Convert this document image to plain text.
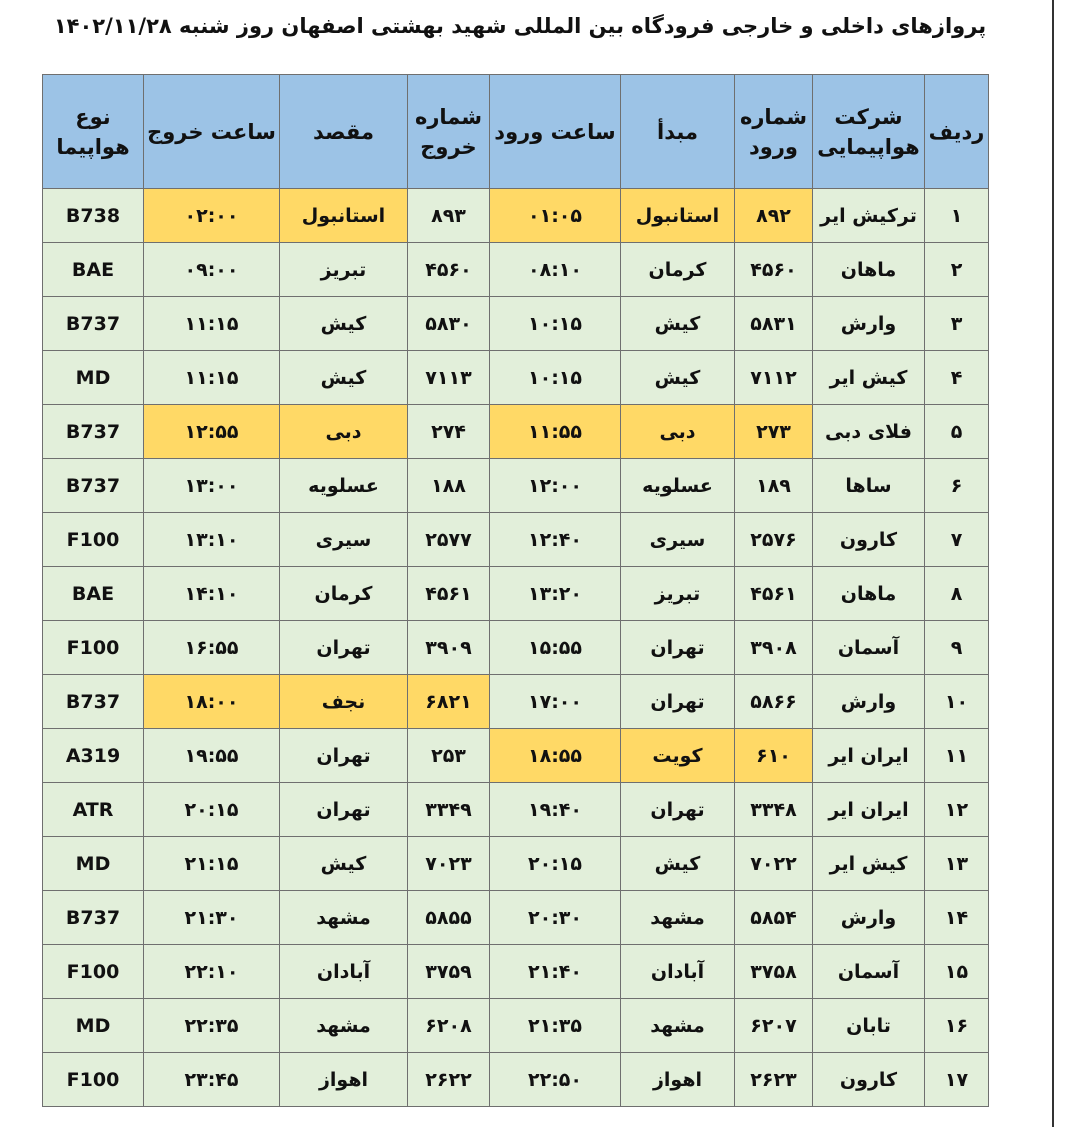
پروازهای داخلی و خارجی فرودگاه بین المللی شهید بهشتی اصفهان روز شنبه ۱۴۰۲/۱۱/۲۸
ردیف	شرکت هواپیمایی	شماره ورود	مبدأ	ساعت ورود	شماره خروج	مقصد	ساعت خروج	نوع هواپیما
۱	ترکیش ایر	۸۹۲	استانبول	۰۱:۰۵	۸۹۳	استانبول	۰۲:۰۰	B738
۲	ماهان	۴۵۶۰	کرمان	۰۸:۱۰	۴۵۶۰	تبریز	۰۹:۰۰	BAE
۳	وارش	۵۸۳۱	کیش	۱۰:۱۵	۵۸۳۰	کیش	۱۱:۱۵	B737
۴	کیش ایر	۷۱۱۲	کیش	۱۰:۱۵	۷۱۱۳	کیش	۱۱:۱۵	MD
۵	فلای دبی	۲۷۳	دبی	۱۱:۵۵	۲۷۴	دبی	۱۲:۵۵	B737
۶	ساها	۱۸۹	عسلویه	۱۲:۰۰	۱۸۸	عسلویه	۱۳:۰۰	B737
۷	کارون	۲۵۷۶	سیری	۱۲:۴۰	۲۵۷۷	سیری	۱۳:۱۰	F100
۸	ماهان	۴۵۶۱	تبریز	۱۳:۲۰	۴۵۶۱	کرمان	۱۴:۱۰	BAE
۹	آسمان	۳۹۰۸	تهران	۱۵:۵۵	۳۹۰۹	تهران	۱۶:۵۵	F100
۱۰	وارش	۵۸۶۶	تهران	۱۷:۰۰	۶۸۲۱	نجف	۱۸:۰۰	B737
۱۱	ایران ایر	۶۱۰	کویت	۱۸:۵۵	۲۵۳	تهران	۱۹:۵۵	A319
۱۲	ایران ایر	۳۳۴۸	تهران	۱۹:۴۰	۳۳۴۹	تهران	۲۰:۱۵	ATR
۱۳	کیش ایر	۷۰۲۲	کیش	۲۰:۱۵	۷۰۲۳	کیش	۲۱:۱۵	MD
۱۴	وارش	۵۸۵۴	مشهد	۲۰:۳۰	۵۸۵۵	مشهد	۲۱:۳۰	B737
۱۵	آسمان	۳۷۵۸	آبادان	۲۱:۴۰	۳۷۵۹	آبادان	۲۲:۱۰	F100
۱۶	تابان	۶۲۰۷	مشهد	۲۱:۳۵	۶۲۰۸	مشهد	۲۲:۳۵	MD
۱۷	کارون	۲۶۲۳	اهواز	۲۲:۵۰	۲۶۲۲	اهواز	۲۳:۴۵	F100
